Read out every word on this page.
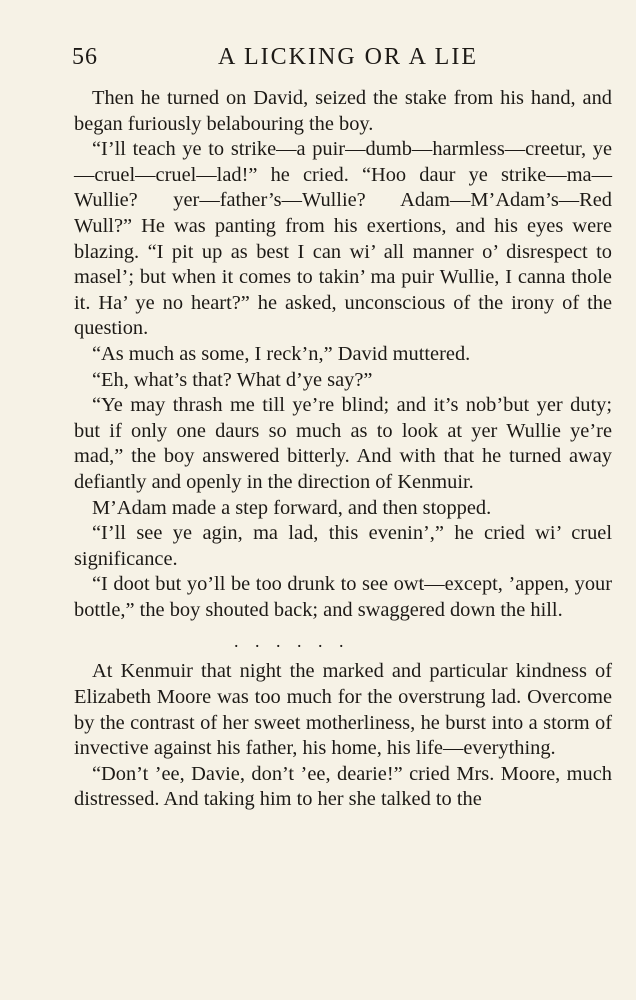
56	A LICKING OR A LIE

Then he turned on David, seized the stake from his hand, and began furiously belabouring the boy.

“I’ll teach ye to strike—a puir—dumb—harmless—creetur, ye—cruel—cruel—lad!” he cried. “Hoo daur ye strike—ma—Wullie? yer—father’s—Wullie? Adam—M’Adam’s—Red Wull?” He was panting from his exertions, and his eyes were blazing. “I pit up as best I can wi’ all manner o’ disrespect to masel’; but when it comes to takin’ ma puir Wullie, I canna thole it. Ha’ ye no heart?” he asked, unconscious of the irony of the question.

“As much as some, I reck’n,” David muttered.

“Eh, what’s that? What d’ye say?”

“Ye may thrash me till ye’re blind; and it’s nob’but yer duty; but if only one daurs so much as to look at yer Wullie ye’re mad,” the boy answered bitterly. And with that he turned away defiantly and openly in the direction of Kenmuir.

M’Adam made a step forward, and then stopped.

“I’ll see ye agin, ma lad, this evenin’,” he cried wi’ cruel significance.

“I doot but yo’ll be too drunk to see owt—except, ’appen, your bottle,” the boy shouted back; and swaggered down the hill.

. . . . . .

At Kenmuir that night the marked and particular kindness of Elizabeth Moore was too much for the overstrung lad. Overcome by the contrast of her sweet motherliness, he burst into a storm of invective against his father, his home, his life—everything.

“Don’t ’ee, Davie, don’t ’ee, dearie!” cried Mrs. Moore, much distressed. And taking him to her she talked to the
